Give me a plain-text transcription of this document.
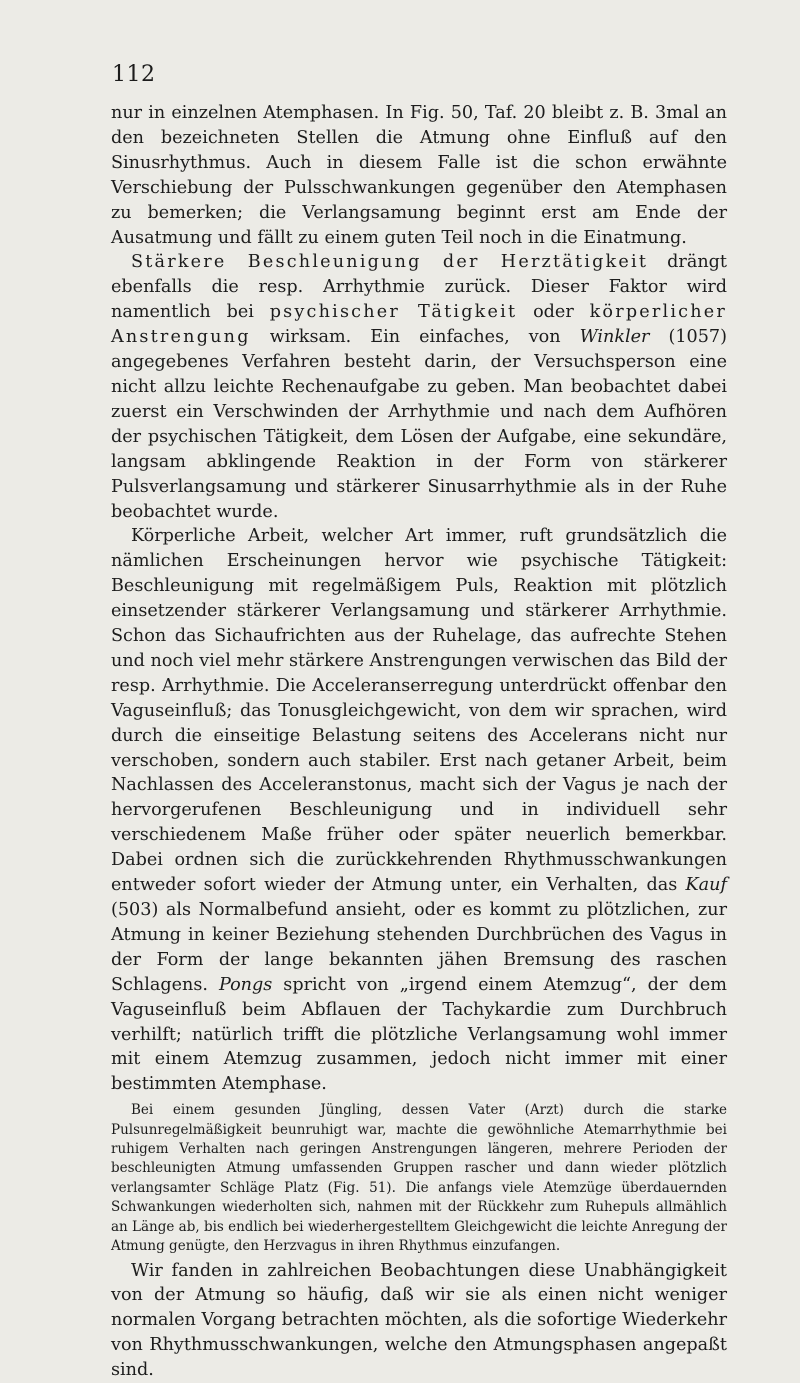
112

nur in einzelnen Atemphasen. In Fig. 50, Taf. 20 bleibt z. B. 3mal an den bezeichneten Stellen die Atmung ohne Einfluß auf den Sinusrhythmus. Auch in diesem Falle ist die schon erwähnte Verschiebung der Pulsschwankungen gegenüber den Atemphasen zu bemerken; die Verlangsamung beginnt erst am Ende der Ausatmung und fällt zu einem guten Teil noch in die Einatmung.

Stärkere Beschleunigung der Herztätigkeit drängt ebenfalls die resp. Arrhythmie zurück. Dieser Faktor wird namentlich bei psychischer Tätigkeit oder körperlicher Anstrengung wirksam. Ein einfaches, von Winkler (1057) angegebenes Verfahren besteht darin, der Versuchsperson eine nicht allzu leichte Rechenaufgabe zu geben. Man beobachtet dabei zuerst ein Verschwinden der Arrhythmie und nach dem Aufhören der psychischen Tätigkeit, dem Lösen der Aufgabe, eine sekundäre, langsam abklingende Reaktion in der Form von stärkerer Pulsverlangsamung und stärkerer Sinusarrhythmie als in der Ruhe beobachtet wurde.

Körperliche Arbeit, welcher Art immer, ruft grundsätzlich die nämlichen Erscheinungen hervor wie psychische Tätigkeit: Beschleunigung mit regelmäßigem Puls, Reaktion mit plötzlich einsetzender stärkerer Verlangsamung und stärkerer Arrhythmie. Schon das Sichaufrichten aus der Ruhelage, das aufrechte Stehen und noch viel mehr stärkere Anstrengungen verwischen das Bild der resp. Arrhythmie. Die Acceleranserregung unterdrückt offenbar den Vaguseinfluß; das Tonusgleichgewicht, von dem wir sprachen, wird durch die einseitige Belastung seitens des Accelerans nicht nur verschoben, sondern auch stabiler. Erst nach getaner Arbeit, beim Nachlassen des Acceleranstonus, macht sich der Vagus je nach der hervorgerufenen Beschleunigung und in individuell sehr verschiedenem Maße früher oder später neuerlich bemerkbar. Dabei ordnen sich die zurückkehrenden Rhythmusschwankungen entweder sofort wieder der Atmung unter, ein Verhalten, das Kauf (503) als Normalbefund ansieht, oder es kommt zu plötzlichen, zur Atmung in keiner Beziehung stehenden Durchbrüchen des Vagus in der Form der lange bekannten jähen Bremsung des raschen Schlagens. Pongs spricht von „irgend einem Atemzug“, der dem Vaguseinfluß beim Abflauen der Tachykardie zum Durchbruch verhilft; natürlich trifft die plötzliche Verlangsamung wohl immer mit einem Atemzug zusammen, jedoch nicht immer mit einer bestimmten Atemphase.

Bei einem gesunden Jüngling, dessen Vater (Arzt) durch die starke Pulsunregelmäßigkeit beunruhigt war, machte die gewöhnliche Atemarrhythmie bei ruhigem Verhalten nach geringen Anstrengungen längeren, mehrere Perioden der beschleunigten Atmung umfassenden Gruppen rascher und dann wieder plötzlich verlangsamter Schläge Platz (Fig. 51). Die anfangs viele Atemzüge überdauernden Schwankungen wiederholten sich, nahmen mit der Rückkehr zum Ruhepuls allmählich an Länge ab, bis endlich bei wiederhergestelltem Gleichgewicht die leichte Anregung der Atmung genügte, den Herzvagus in ihren Rhythmus einzufangen.

Wir fanden in zahlreichen Beobachtungen diese Unabhängigkeit von der Atmung so häufig, daß wir sie als einen nicht weniger normalen Vorgang betrachten möchten, als die sofortige Wiederkehr von Rhythmusschwankungen, welche den Atmungsphasen angepaßt sind.
